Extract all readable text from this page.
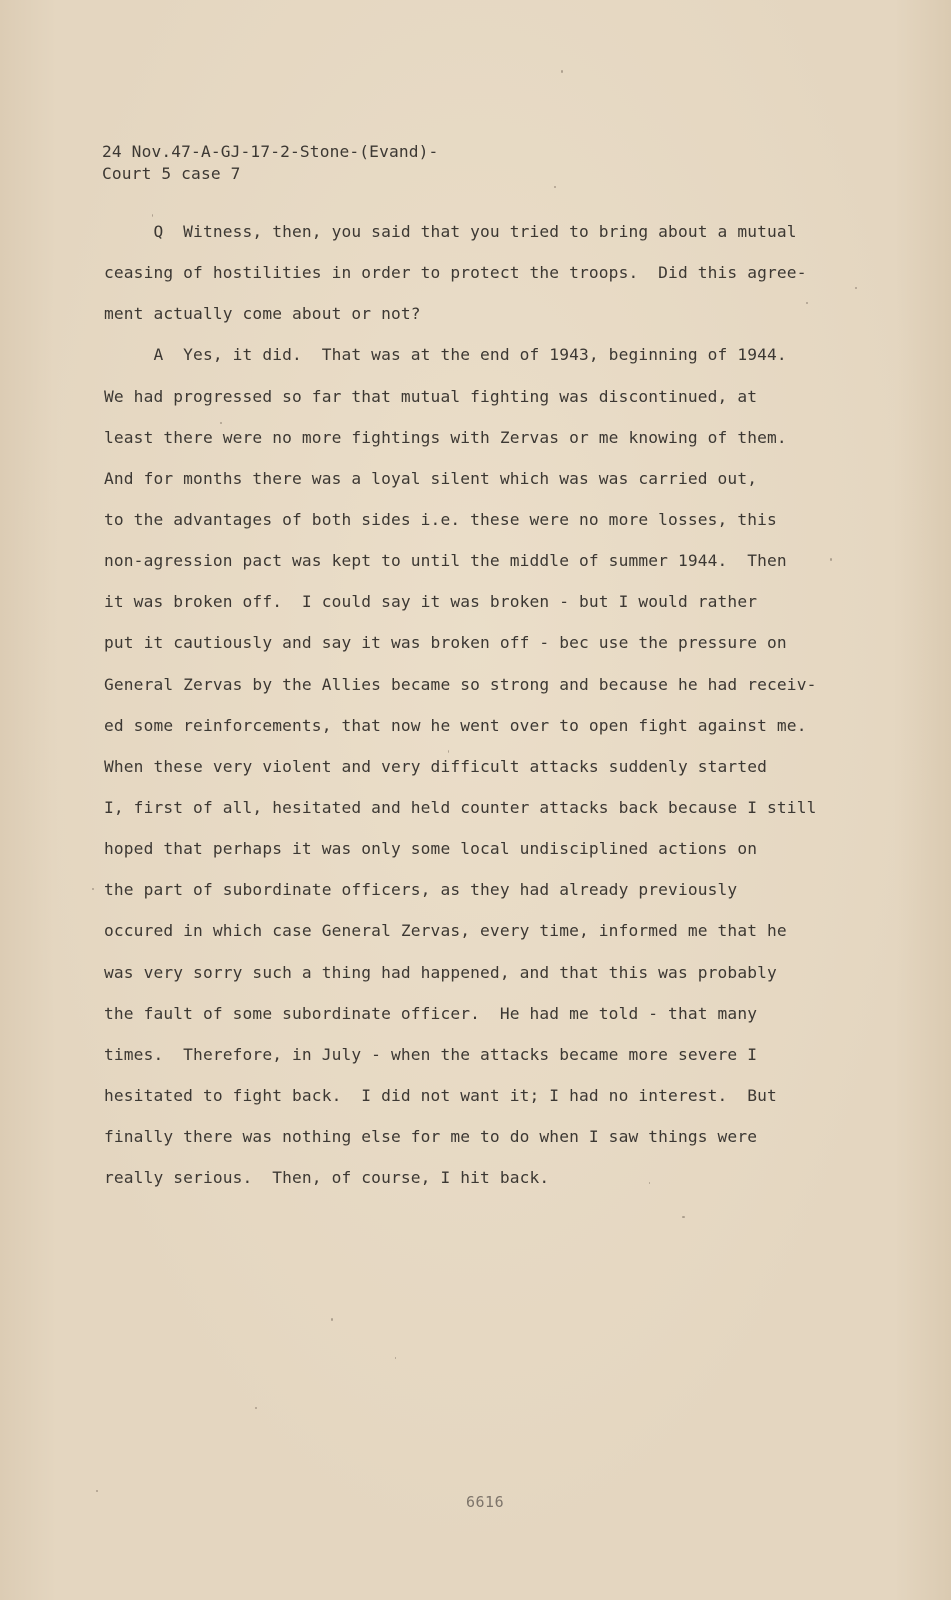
24 Nov.47-A-GJ-17-2-Stone-(Evand)-
Court 5 case 7
Q  Witness, then, you said that you tried to bring about a mutual
ceasing of hostilities in order to protect the troops.  Did this agree-
ment actually come about or not?
A  Yes, it did.  That was at the end of 1943, beginning of 1944.
We had progressed so far that mutual fighting was discontinued, at
least there were no more fightings with Zervas or me knowing of them.
And for months there was a loyal silent which was was carried out,
to the advantages of both sides i.e. these were no more losses, this
non-agression pact was kept to until the middle of summer 1944.  Then
it was broken off.  I could say it was broken - but I would rather
put it cautiously and say it was broken off - bec use the pressure on
General Zervas by the Allies became so strong and because he had receiv-
ed some reinforcements, that now he went over to open fight against me.
When these very violent and very difficult attacks suddenly started
I, first of all, hesitated and held counter attacks back because I still
hoped that perhaps it was only some local undisciplined actions on
the part of subordinate officers, as they had already previously
occured in which case General Zervas, every time, informed me that he
was very sorry such a thing had happened, and that this was probably
the fault of some subordinate officer.  He had me told - that many
times.  Therefore, in July - when the attacks became more severe I
hesitated to fight back.  I did not want it; I had no interest.  But
finally there was nothing else for me to do when I saw things were
really serious.  Then, of course, I hit back.
6616
